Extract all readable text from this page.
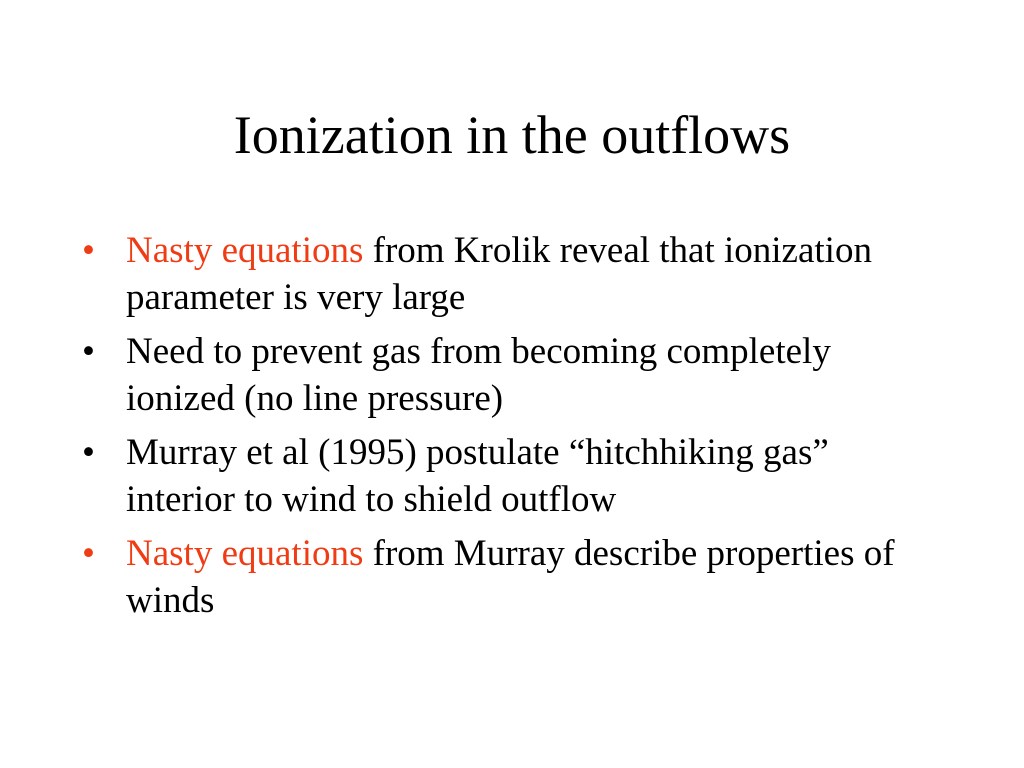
Ionization in the outflows
• Nasty equations from Krolik reveal that ionization parameter is very large
• Need to prevent gas from becoming completely ionized (no line pressure)
• Murray et al (1995) postulate “hitchhiking gas” interior to wind to shield outflow
• Nasty equations from Murray describe properties of winds
